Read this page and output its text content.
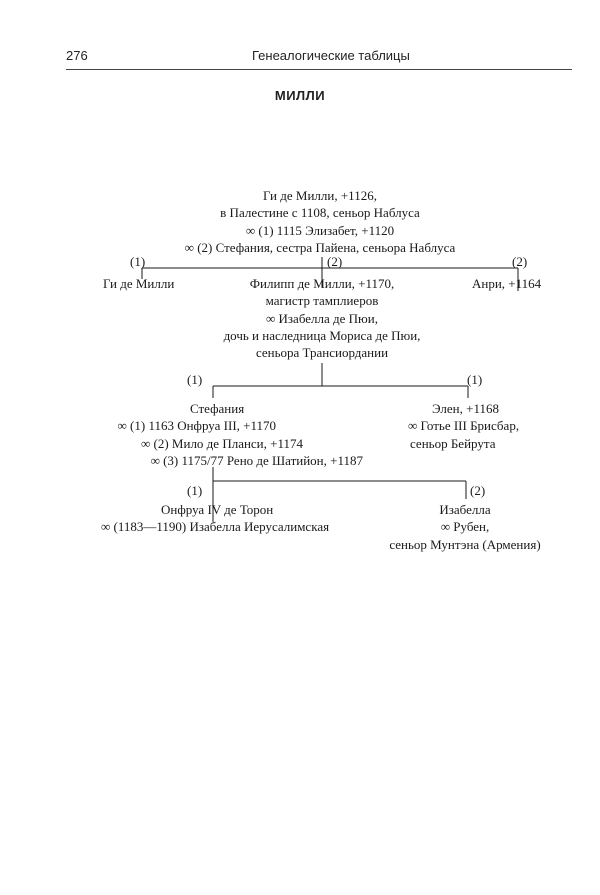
276	Генеалогические таблицы
МИЛЛИ
Ги де Милли, +1126,
в Палестине с 1108, сеньор Наблуса
∞ (1) 1115 Элизабет, +1120
∞ (2) Стефания, сестра Пайена, сеньора Наблуса
(1)	(2)	(2)
Ги де Милли	Филипп де Милли, +1170,
магистр тамплиеров
∞ Изабелла де Пюи,
дочь и наследница Мориса де Пюи,
сеньора Трансиордании
Анри, +1164
(1)	(1)
Стефания
∞ (1) 1163 Онфруа III, +1170
∞ (2) Мило де Планси, +1174
∞ (3) 1175/77 Рено де Шатийон, +1187
Элен, +1168
∞ Готье III Брисбар,
сеньор Бейрута
(1)	(2)
Онфруа IV де Торон
∞ (1183—1190) Изабелла Иерусалимская
Изабелла
∞ Рубен,
сеньор Мунтэна (Армения)
